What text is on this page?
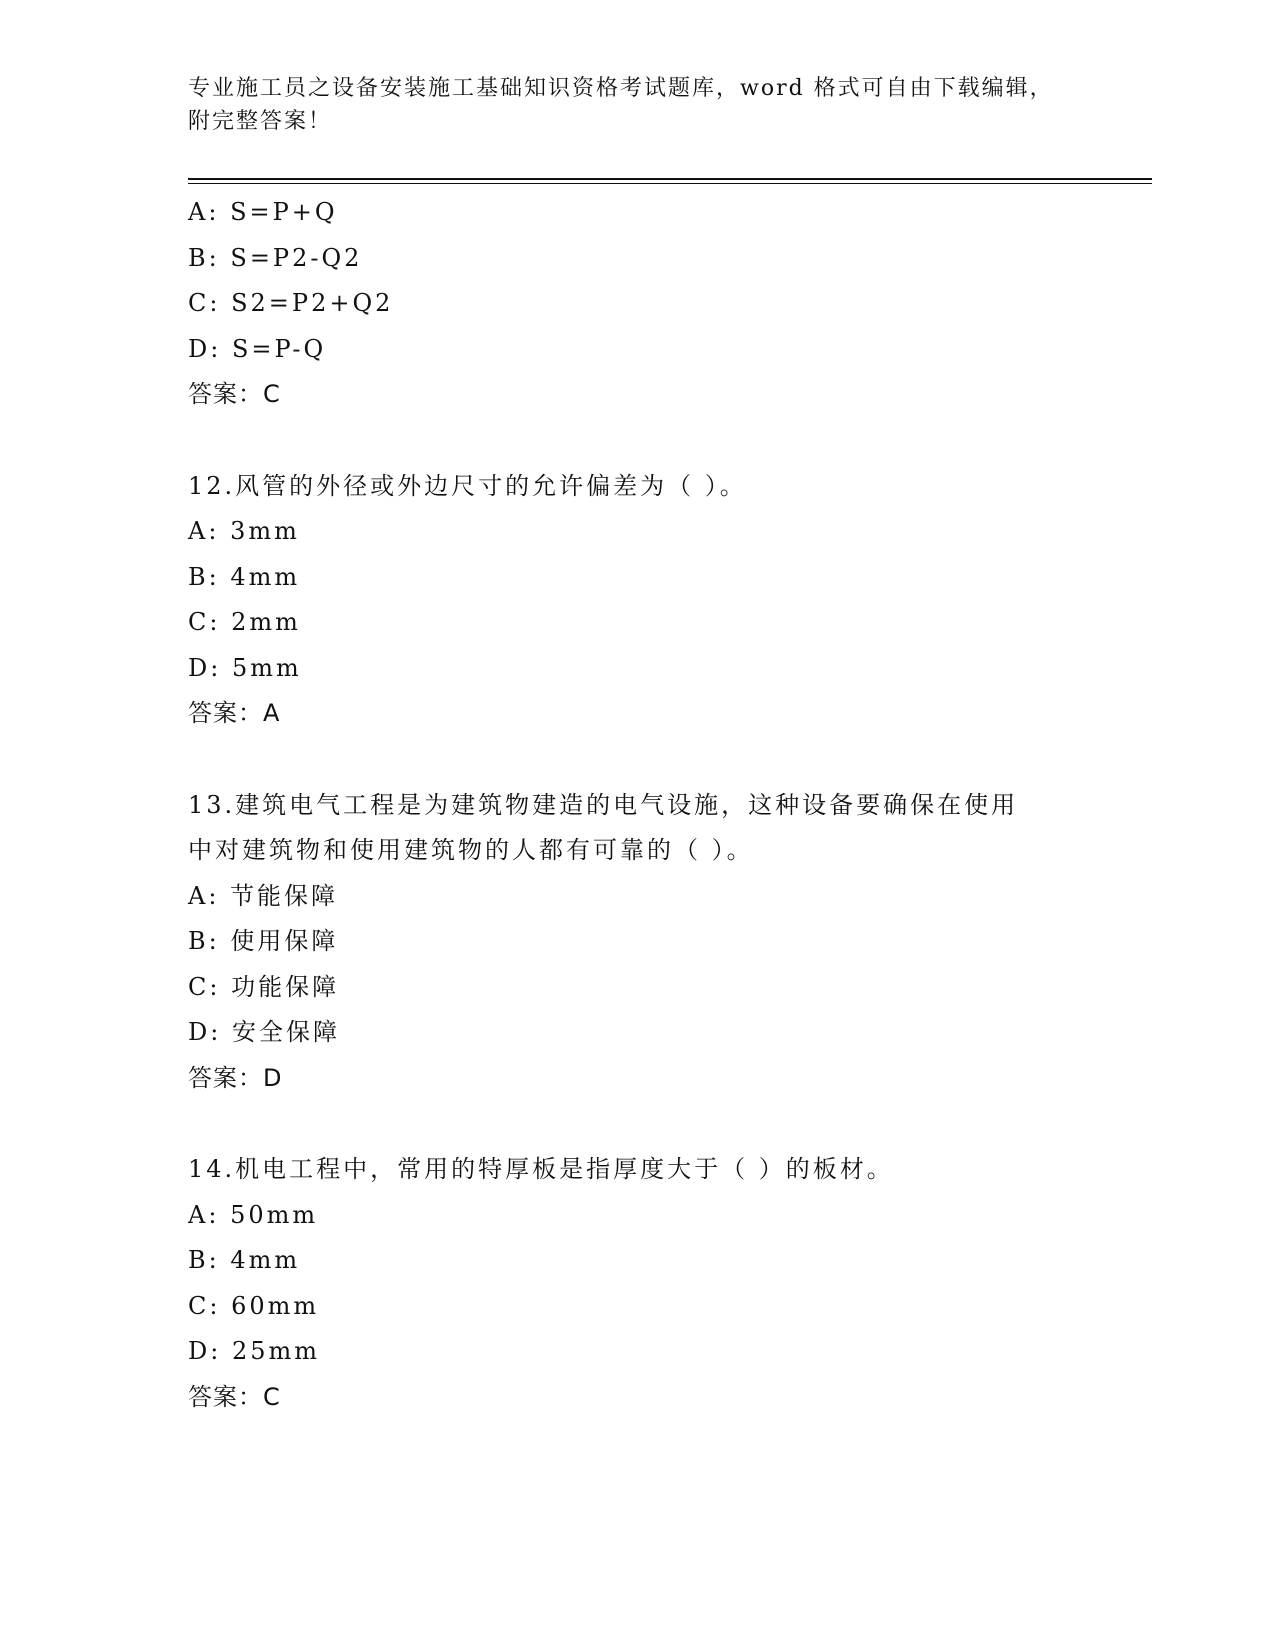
专业施工员之设备安装施工基础知识资格考试题库，word 格式可自由下载编辑，
附完整答案！
A: S=P+Q
B: S=P2-Q2
C: S2=P2+Q2
D: S=P-Q
答案：C
12.风管的外径或外边尺寸的允许偏差为（ ）。
A: 3mm
B: 4mm
C: 2mm
D: 5mm
答案：A
13.建筑电气工程是为建筑物建造的电气设施，这种设备要确保在使用
中对建筑物和使用建筑物的人都有可靠的（ ）。
A: 节能保障
B: 使用保障
C: 功能保障
D: 安全保障
答案：D
14.机电工程中，常用的特厚板是指厚度大于（ ）的板材。
A: 50mm
B: 4mm
C: 60mm
D: 25mm
答案：C
